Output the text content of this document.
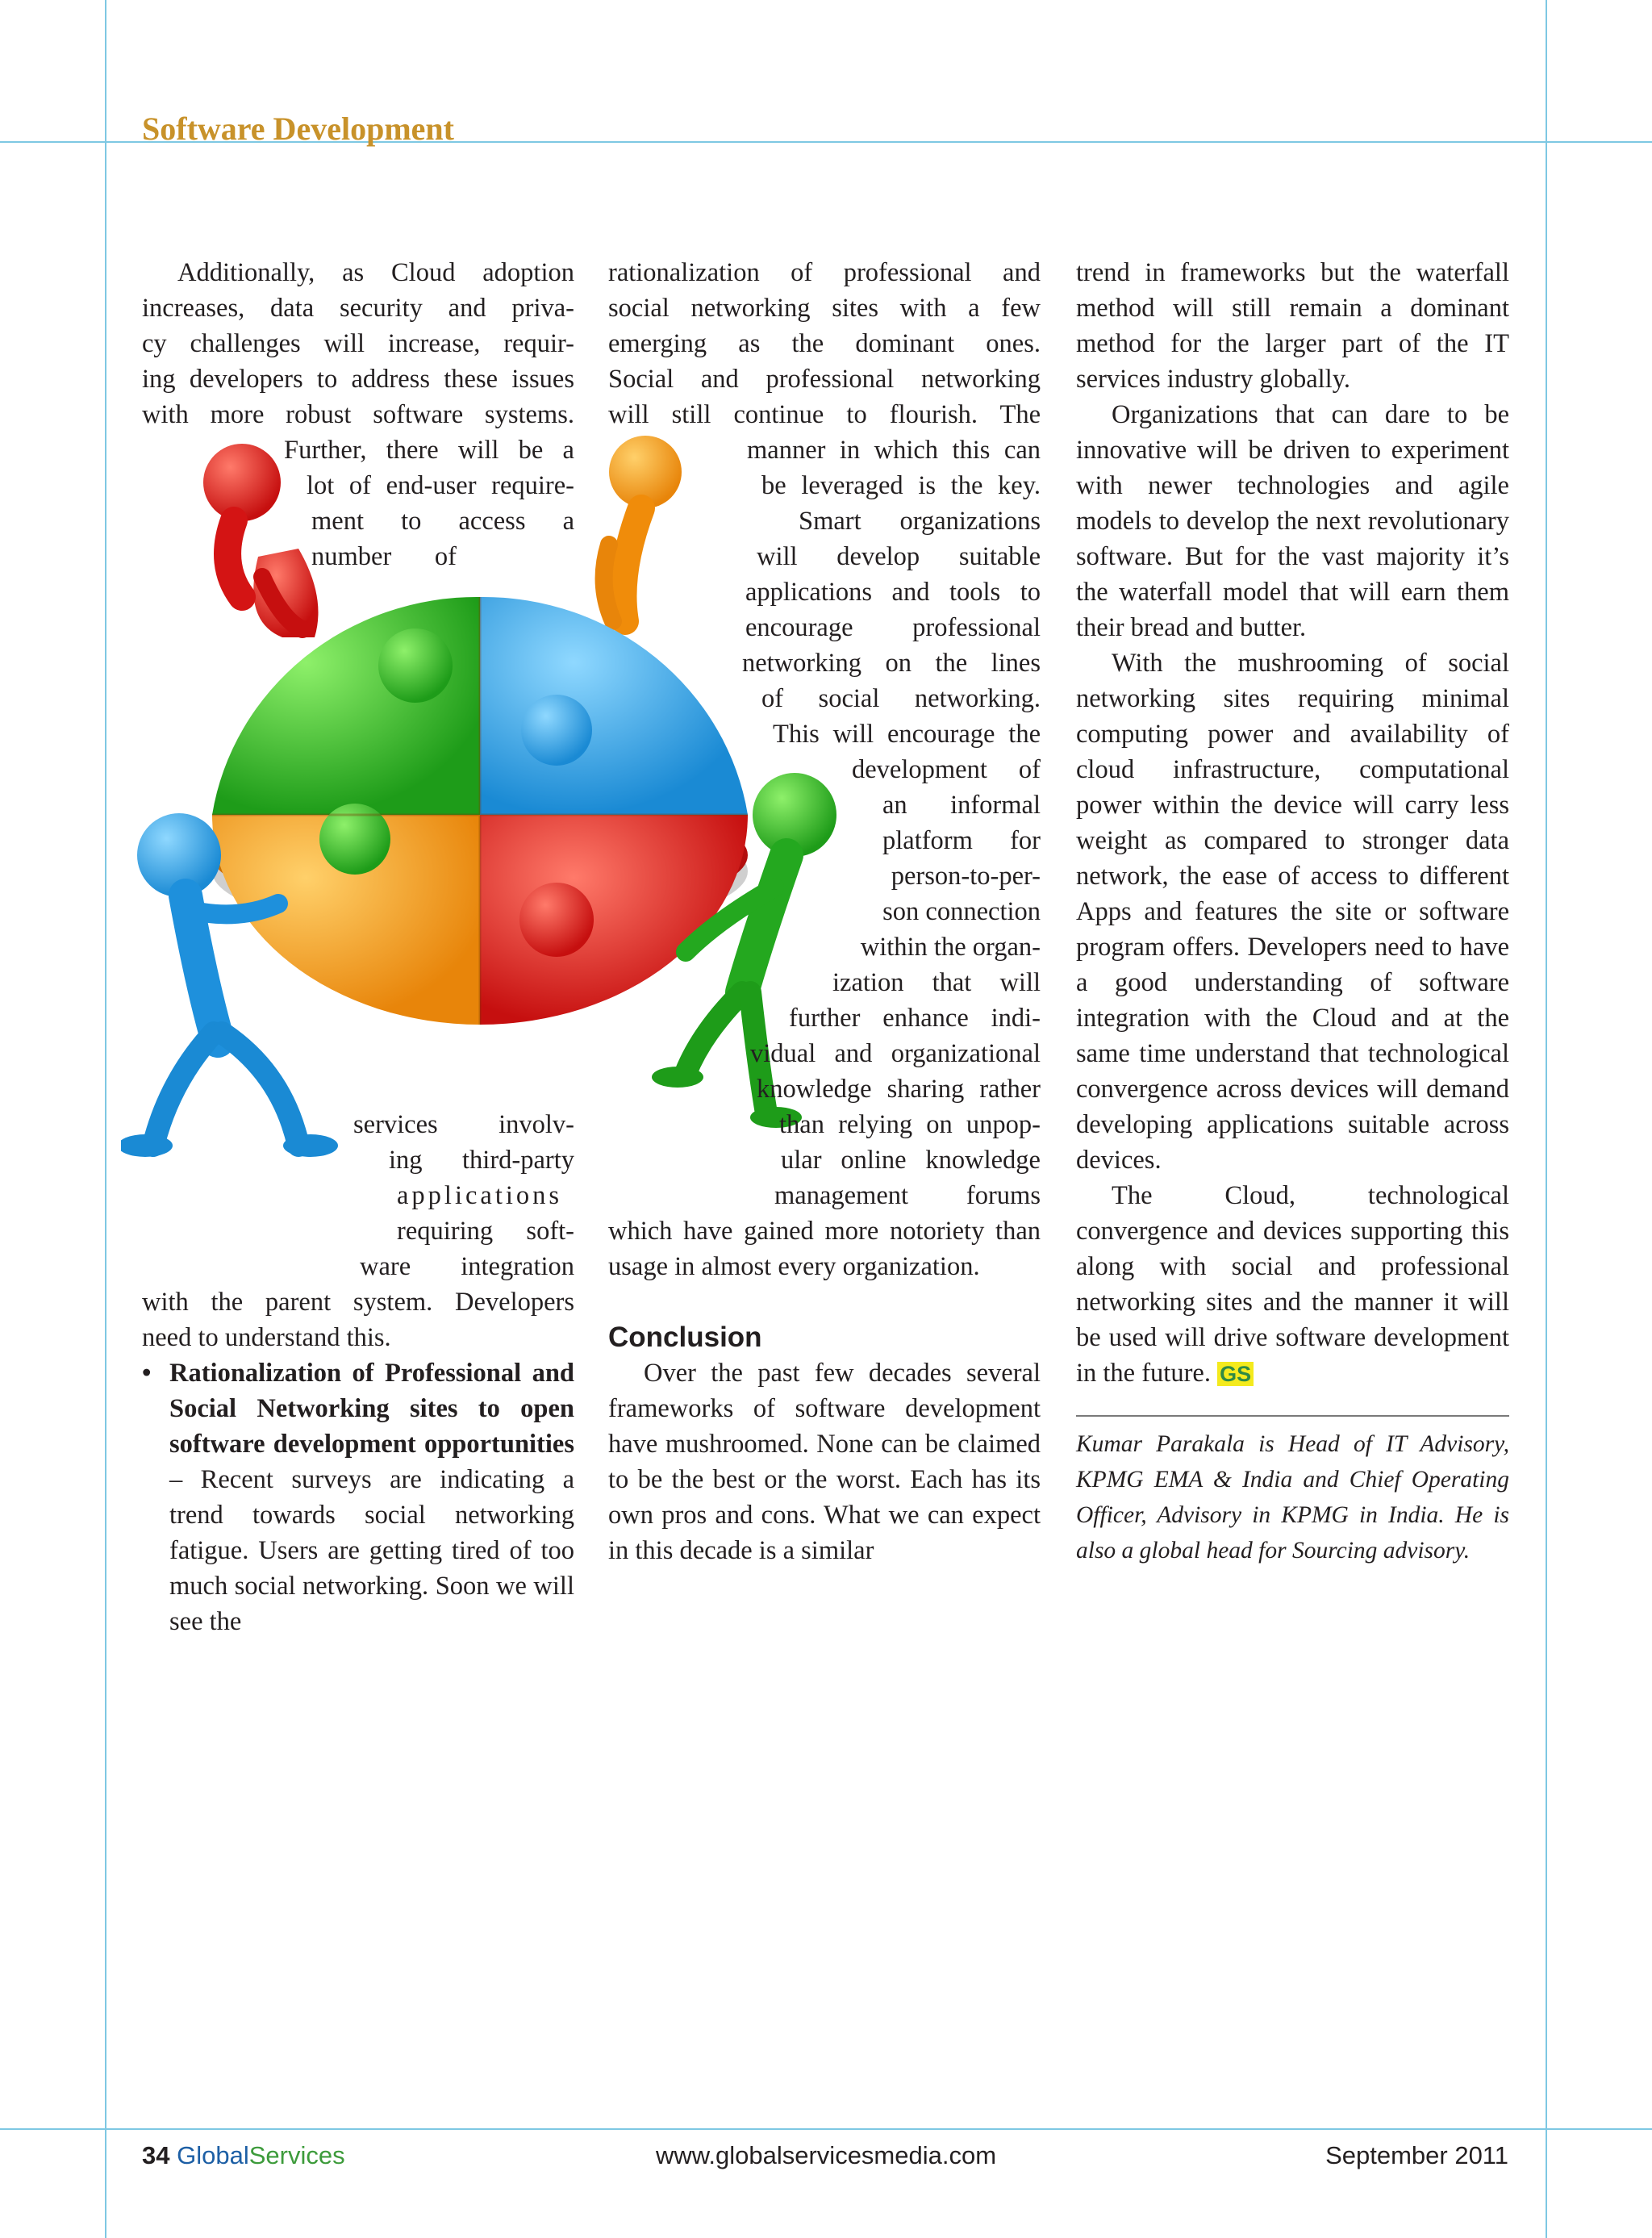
Software Development
Additionally, as Cloud adoption
increases, data security and priva-
cy challenges will increase, requir-
ing developers to address these issues
with more robust software systems.
Further, there will be a
lot of end-user require-
ment to access a
number of
services involv-
ing third-party
applications
requiring soft-
ware integration
with the parent system. Developers
need to understand this.

• Rationalization of Professional and Social Networking sites to open software development opportunities – Recent surveys are indicating a trend towards social networking fatigue. Users are getting tired of too much social networking. Soon we will see the

rationalization of professional and
social networking sites with a few
emerging as the dominant ones.
Social and professional networking
will still continue to flourish. The
manner in which this can
be leveraged is the key.
Smart organizations
will develop suitable
applications and tools to
encourage professional
networking on the lines
of social networking.
This will encourage the
development of
an informal
platform for
person-to-per-
son connection
within the organ-
ization that will
further enhance indi-
vidual and organizational
knowledge sharing rather
than relying on unpop-
ular online knowledge
management forums
which have gained more notoriety than
usage in almost every organization.
Conclusion

Over the past few decades several frameworks of software development have mushroomed. None can be claimed to be the best or the worst. Each has its own pros and cons. What we can expect in this decade is a similar

trend in frameworks but the waterfall method will still remain a dominant method for the larger part of the IT services industry globally.

Organizations that can dare to be innovative will be driven to experiment with newer technologies and agile models to develop the next revolutionary software. But for the vast majority it’s the waterfall model that will earn them their bread and butter.

With the mushrooming of social networking sites requiring minimal computing power and availability of cloud infrastructure, computational power within the device will carry less weight as compared to stronger data network, the ease of access to different Apps and features the site or software program offers. Developers need to have a good understanding of software integration with the Cloud and at the same time understand that technological convergence across devices will demand developing applications suitable across devices.

The Cloud, technological convergence and devices supporting this along with social and professional networking sites and the manner it will be used will drive software development in the future. GS

Kumar Parakala is Head of IT Advisory, KPMG EMA & India and Chief Operating Officer, Advisory in KPMG in India. He is also a global head for Sourcing advisory.

34 GlobalServices	www.globalservicesmedia.com	September 2011
